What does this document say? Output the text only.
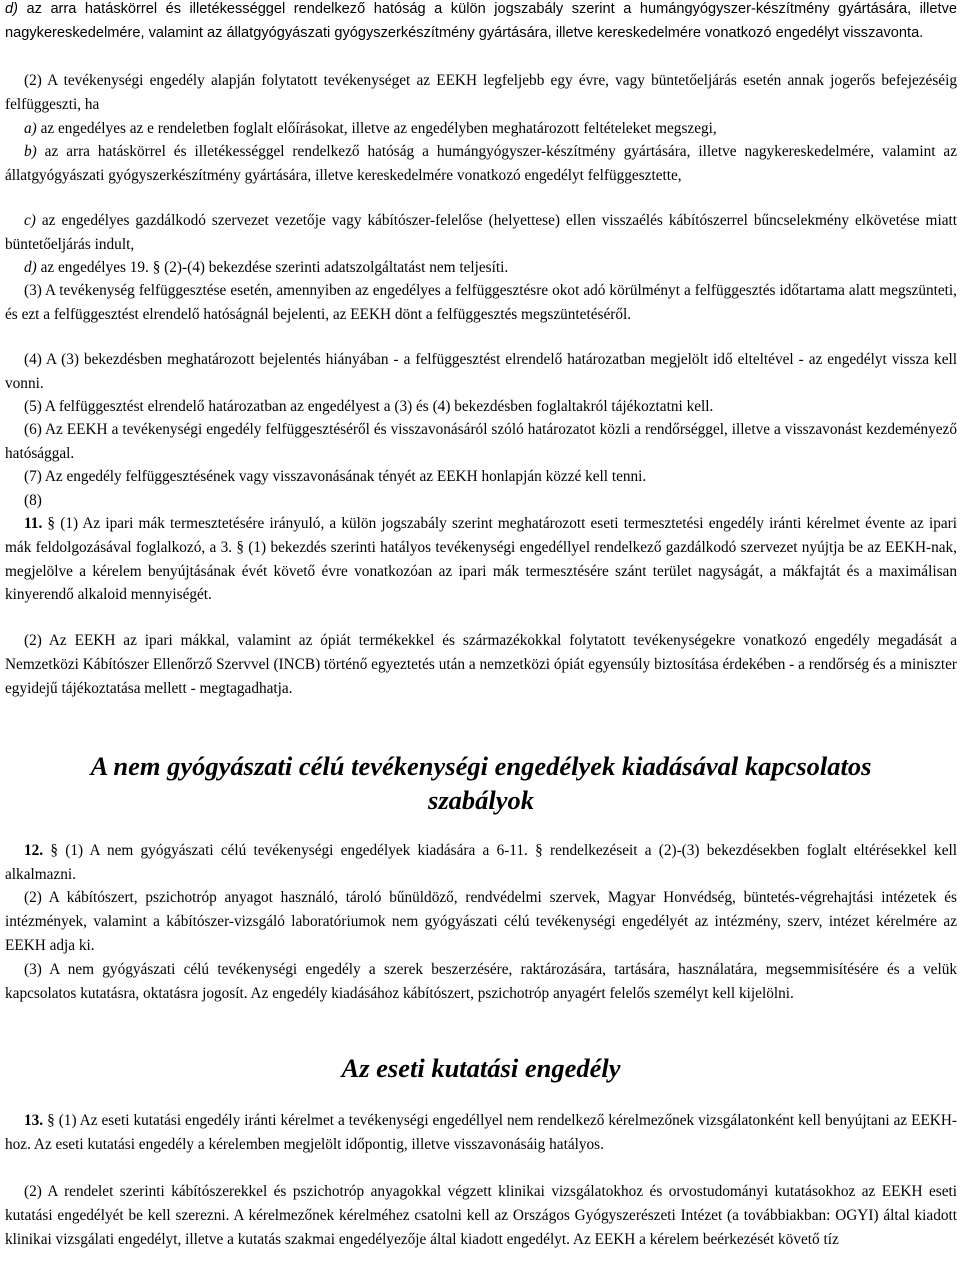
d) az arra hatáskörrel és illetékességgel rendelkező hatóság a külön jogszabály szerint a humángyógyszer-készítmény gyártására, illetve nagykereskedelmére, valamint az állatgyógyászati gyógyszerkészítmény gyártására, illetve kereskedelmére vonatkozó engedélyt visszavonta.

(2) A tevékenységi engedély alapján folytatott tevékenységet az EEKH legfeljebb egy évre, vagy büntetőeljárás esetén annak jogerős befejezéséig felfüggeszti, ha

a) az engedélyes az e rendeletben foglalt előírásokat, illetve az engedélyben meghatározott feltételeket megszegi,

b) az arra hatáskörrel és illetékességgel rendelkező hatóság a humángyógyszer-készítmény gyártására, illetve nagykereskedelmére, valamint az állatgyógyászati gyógyszerkészítmény gyártására, illetve kereskedelmére vonatkozó engedélyt felfüggesztette,

c) az engedélyes gazdálkodó szervezet vezetője vagy kábítószer-felelőse (helyettese) ellen visszaélés kábítószerrel bűncselekmény elkövetése miatt büntetőeljárás indult,

d) az engedélyes 19. § (2)-(4) bekezdése szerinti adatszolgáltatást nem teljesíti.

(3) A tevékenység felfüggesztése esetén, amennyiben az engedélyes a felfüggesztésre okot adó körülményt a felfüggesztés időtartama alatt megszünteti, és ezt a felfüggesztést elrendelő hatóságnál bejelenti, az EEKH dönt a felfüggesztés megszüntetéséről.

(4) A (3) bekezdésben meghatározott bejelentés hiányában - a felfüggesztést elrendelő határozatban megjelölt idő elteltével - az engedélyt vissza kell vonni.

(5) A felfüggesztést elrendelő határozatban az engedélyest a (3) és (4) bekezdésben foglaltakról tájékoztatni kell.

(6) Az EEKH a tevékenységi engedély felfüggesztéséről és visszavonásáról szóló határozatot közli a rendőrséggel, illetve a visszavonást kezdeményező hatósággal.

(7) Az engedély felfüggesztésének vagy visszavonásának tényét az EEKH honlapján közzé kell tenni.

(8)

11. § (1) Az ipari mák termesztetésére irányuló, a külön jogszabály szerint meghatározott eseti termesztetési engedély iránti kérelmet évente az ipari mák feldolgozásával foglalkozó, a 3. § (1) bekezdés szerinti hatályos tevékenységi engedéllyel rendelkező gazdálkodó szervezet nyújtja be az EEKH-nak, megjelölve a kérelem benyújtásának évét követő évre vonatkozóan az ipari mák termesztésére szánt terület nagyságát, a mákfajtát és a maximálisan kinyerendő alkaloid mennyiségét.

(2) Az EEKH az ipari mákkal, valamint az ópiát termékekkel és származékokkal folytatott tevékenységekre vonatkozó engedély megadását a Nemzetközi Kábítószer Ellenőrző Szervvel (INCB) történő egyeztetés után a nemzetközi ópiát egyensúly biztosítása érdekében - a rendőrség és a miniszter egyidejű tájékoztatása mellett - megtagadhatja.

A nem gyógyászati célú tevékenységi engedélyek kiadásával kapcsolatos
szabályok

12. § (1) A nem gyógyászati célú tevékenységi engedélyek kiadására a 6-11. § rendelkezéseit a (2)-(3) bekezdésekben foglalt eltérésekkel kell alkalmazni.

(2) A kábítószert, pszichotróp anyagot használó, tároló bűnüldöző, rendvédelmi szervek, Magyar Honvédség, büntetés-végrehajtási intézetek és intézmények, valamint a kábítószer-vizsgáló laboratóriumok nem gyógyászati célú tevékenységi engedélyét az intézmény, szerv, intézet kérelmére az EEKH adja ki.

(3) A nem gyógyászati célú tevékenységi engedély a szerek beszerzésére, raktározására, tartására, használatára, megsemmisítésére és a velük kapcsolatos kutatásra, oktatásra jogosít. Az engedély kiadásához kábítószert, pszichotróp anyagért felelős személyt kell kijelölni.

Az eseti kutatási engedély

13. § (1) Az eseti kutatási engedély iránti kérelmet a tevékenységi engedéllyel nem rendelkező kérelmezőnek vizsgálatonként kell benyújtani az EEKH-hoz. Az eseti kutatási engedély a kérelemben megjelölt időpontig, illetve visszavonásáig hatályos.

(2) A rendelet szerinti kábítószerekkel és pszichotróp anyagokkal végzett klinikai vizsgálatokhoz és orvostudományi kutatásokhoz az EEKH eseti kutatási engedélyét be kell szerezni. A kérelmezőnek kérelméhez csatolni kell az Országos Gyógyszerészeti Intézet (a továbbiakban: OGYI) által kiadott klinikai vizsgálati engedélyt, illetve a kutatás szakmai engedélyezője által kiadott engedélyt. Az EEKH a kérelem beérkezését követő tíz
